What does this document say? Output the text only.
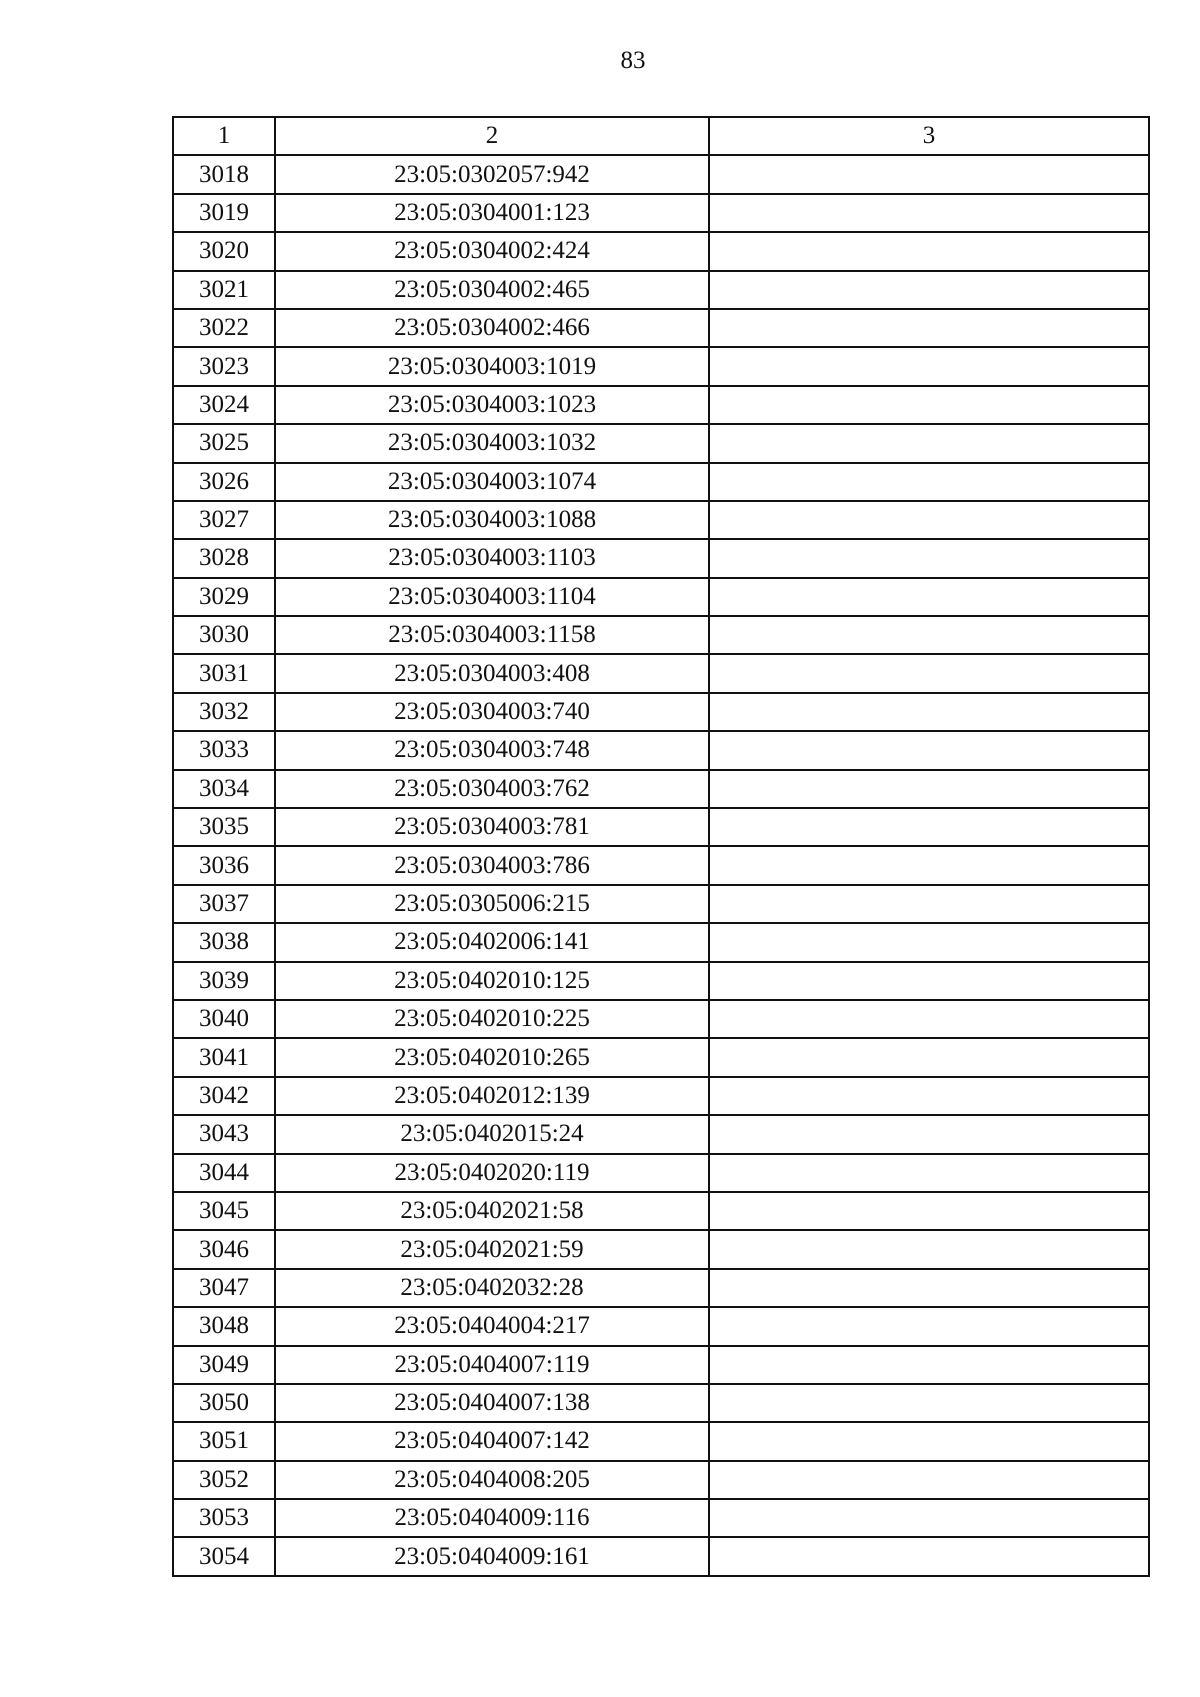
83
1	2	3
3018	23:05:0302057:942	
3019	23:05:0304001:123	
3020	23:05:0304002:424	
3021	23:05:0304002:465	
3022	23:05:0304002:466	
3023	23:05:0304003:1019	
3024	23:05:0304003:1023	
3025	23:05:0304003:1032	
3026	23:05:0304003:1074	
3027	23:05:0304003:1088	
3028	23:05:0304003:1103	
3029	23:05:0304003:1104	
3030	23:05:0304003:1158	
3031	23:05:0304003:408	
3032	23:05:0304003:740	
3033	23:05:0304003:748	
3034	23:05:0304003:762	
3035	23:05:0304003:781	
3036	23:05:0304003:786	
3037	23:05:0305006:215	
3038	23:05:0402006:141	
3039	23:05:0402010:125	
3040	23:05:0402010:225	
3041	23:05:0402010:265	
3042	23:05:0402012:139	
3043	23:05:0402015:24	
3044	23:05:0402020:119	
3045	23:05:0402021:58	
3046	23:05:0402021:59	
3047	23:05:0402032:28	
3048	23:05:0404004:217	
3049	23:05:0404007:119	
3050	23:05:0404007:138	
3051	23:05:0404007:142	
3052	23:05:0404008:205	
3053	23:05:0404009:116	
3054	23:05:0404009:161	
